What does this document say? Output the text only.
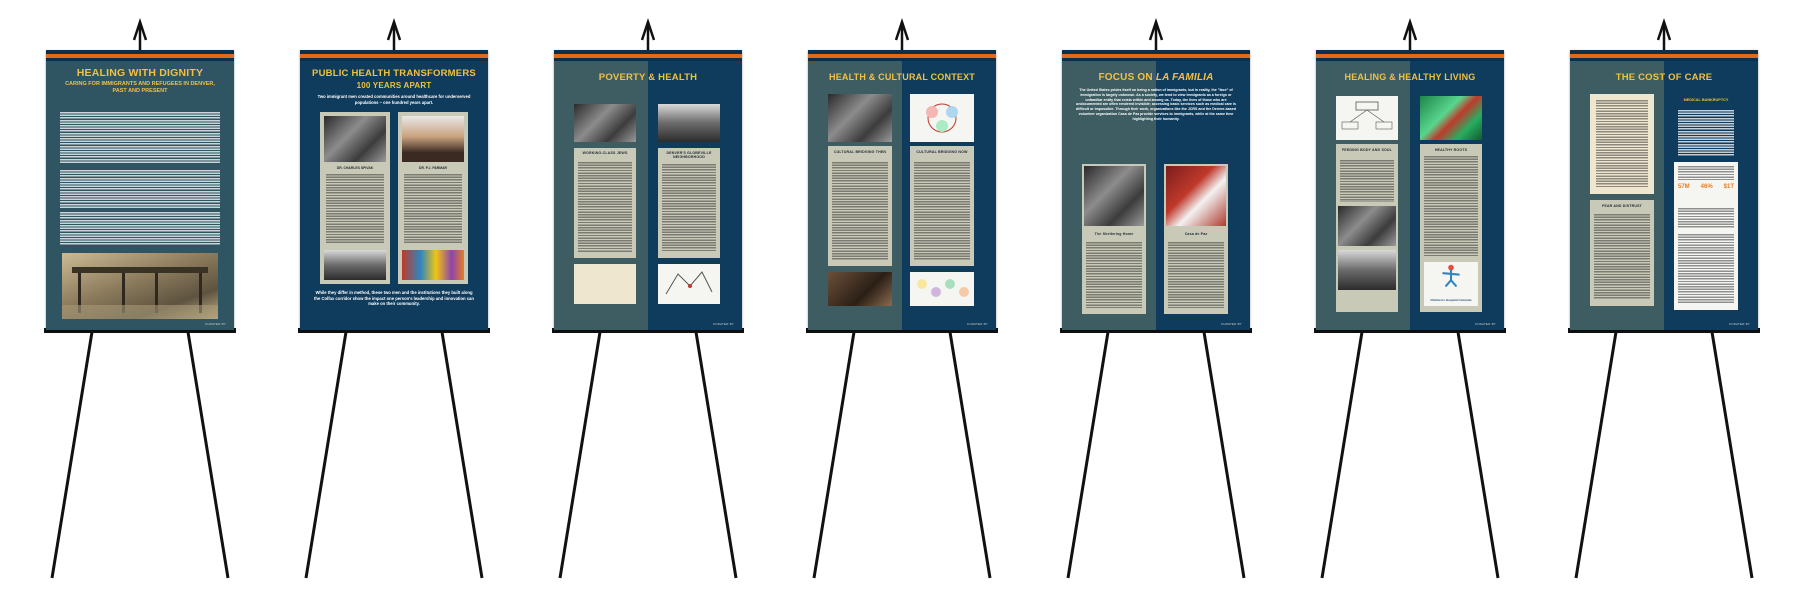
HEALING WITH DIGNITY
CARING FOR IMMIGRANTS AND REFUGEES IN DENVER, PAST AND PRESENT
CURATED BY
PUBLIC HEALTH TRANSFORMERS
100 YEARS APART
Two immigrant men created communities around healthcare for underserved populations – one hundred years apart.
DR. CHARLES SPIVAK	DR. P.J. PARMAR
While they differ in method, these two men and the institutions they built along the Colfax corridor show the impact one person's leadership and innovation can make on their community.
POVERTY & HEALTH
WORKING-CLASS JEWS	DENVER'S GLOBEVILLE NEIGHBORHOOD
CURATED BY
HEALTH & CULTURAL CONTEXT
CULTURAL BRIDGING THEN	CULTURAL BRIDGING NOW
CURATED BY
FOCUS ON LA FAMILIA
The United States prides itself on being a nation of immigrants, but in reality, the "face" of immigration is largely unknown. As a society, we tend to view immigrants as a foreign or unfamiliar entity that exists within and among us. Today, the lives of those who are undocumented are often rendered invisible; accessing basic services such as medical care is difficult or impossible. Through their work, organizations like the JCRS and the Denver-based volunteer organization Casa de Paz provide services to immigrants, while at the same time highlighting their humanity.
The Sheltering Home	Casa de Paz
CURATED BY
HEALING & HEALTHY LIVING
FEEDING BODY AND SOUL	HEALTHY ROOTS
Children's Hospital Colorado
CURATED BY
THE COST OF CARE
FEAR AND DISTRUST
MEDICAL BANKRUPTCY
57M 46% $1T
CURATED BY
